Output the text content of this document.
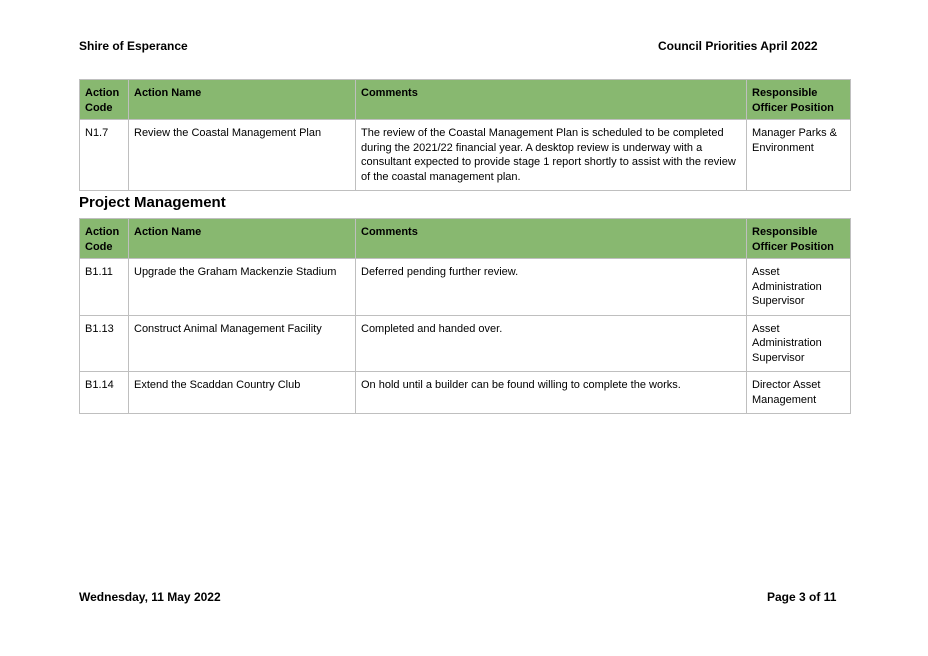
Shire of Esperance	Council Priorities April 2022
Action Code	Action Name	Comments	Responsible Officer Position
N1.7	Review the Coastal Management Plan	The review of the Coastal Management Plan is scheduled to be completed during the 2021/22 financial year. A desktop review is underway with a consultant expected to provide stage 1 report shortly to assist with the review of the coastal management plan.	Manager Parks & Environment
Project Management
Action Code	Action Name	Comments	Responsible Officer Position
B1.11	Upgrade the Graham Mackenzie Stadium	Deferred pending further review.	Asset Administration Supervisor
B1.13	Construct Animal Management Facility	Completed and handed over.	Asset Administration Supervisor
B1.14	Extend the Scaddan Country Club	On hold until a builder can be found willing to complete the works.	Director Asset Management
Wednesday, 11 May 2022	Page 3 of 11
